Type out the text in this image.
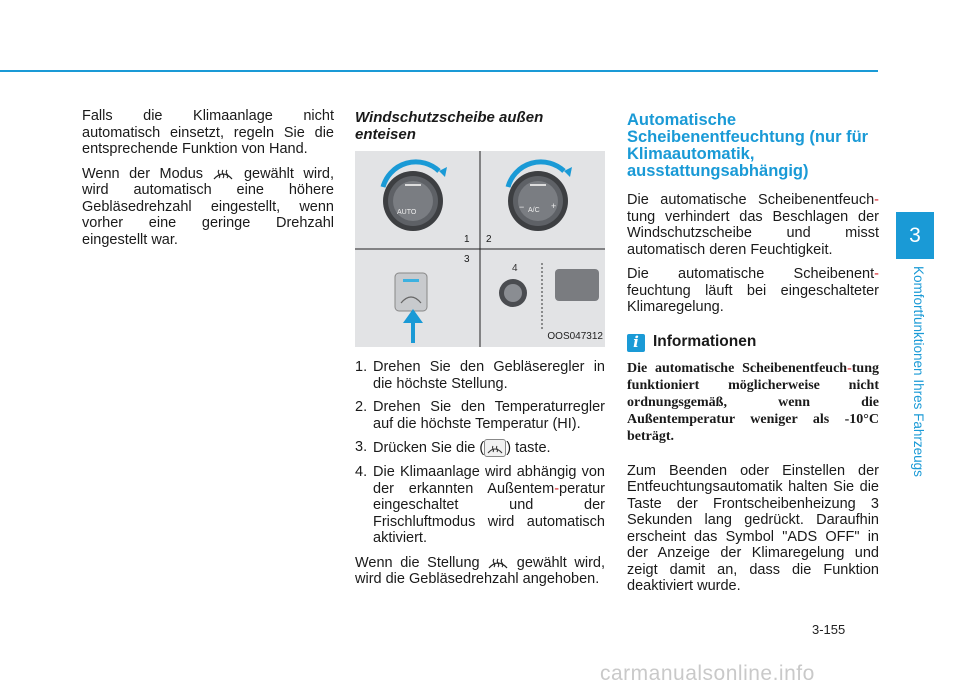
Falls die Klimaanlage nicht automatisch einsetzt, regeln Sie die entsprechende Funktion von Hand.

Wenn der Modus	gewählt wird, wird automatisch eine höhere Gebläsedrehzahl eingestellt, wenn vorher eine geringe Drehzahl eingestellt war.

Windschutzscheibe außen enteisen
4
AUTO	A/C
−	+
1 2
3
OOS047312
1. Drehen Sie den Gebläseregler in die höchste Stellung.
2. Drehen Sie den Temperaturregler auf die höchste Temperatur (HI).
3. Drücken Sie die ( ) taste.
4. Die Klimaanlage wird abhängig von der erkannten Außentem-peratur eingeschaltet und der Frischluftmodus wird automatisch aktiviert.

Wenn die Stellung	gewählt wird, wird die Gebläsedrehzahl angehoben.

Automatische Scheibenentfeuchtung (nur für Klimaautomatik, ausstattungsabhängig)

Die automatische Scheibenentfeuch-tung verhindert das Beschlagen der Windschutzscheibe und misst automatisch deren Feuchtigkeit.

Die automatische Scheibenent-feuchtung läuft bei eingeschalteter Klimaregelung.

i Informationen
Die automatische Scheibenentfeuch-tung funktioniert möglicherweise nicht ordnungsgemäß, wenn die Außentemperatur weniger als -10°C beträgt.

Zum Beenden oder Einstellen der Entfeuchtungsautomatik halten Sie die Taste der Frontscheibenheizung 3 Sekunden lang gedrückt. Daraufhin erscheint das Symbol "ADS OFF" in der Anzeige der Klimaregelung und zeigt damit an, dass die Funktion deaktiviert wurde.

3
Komfortfunktionen Ihres Fahrzeugs
3-155
carmanualsonline.info
